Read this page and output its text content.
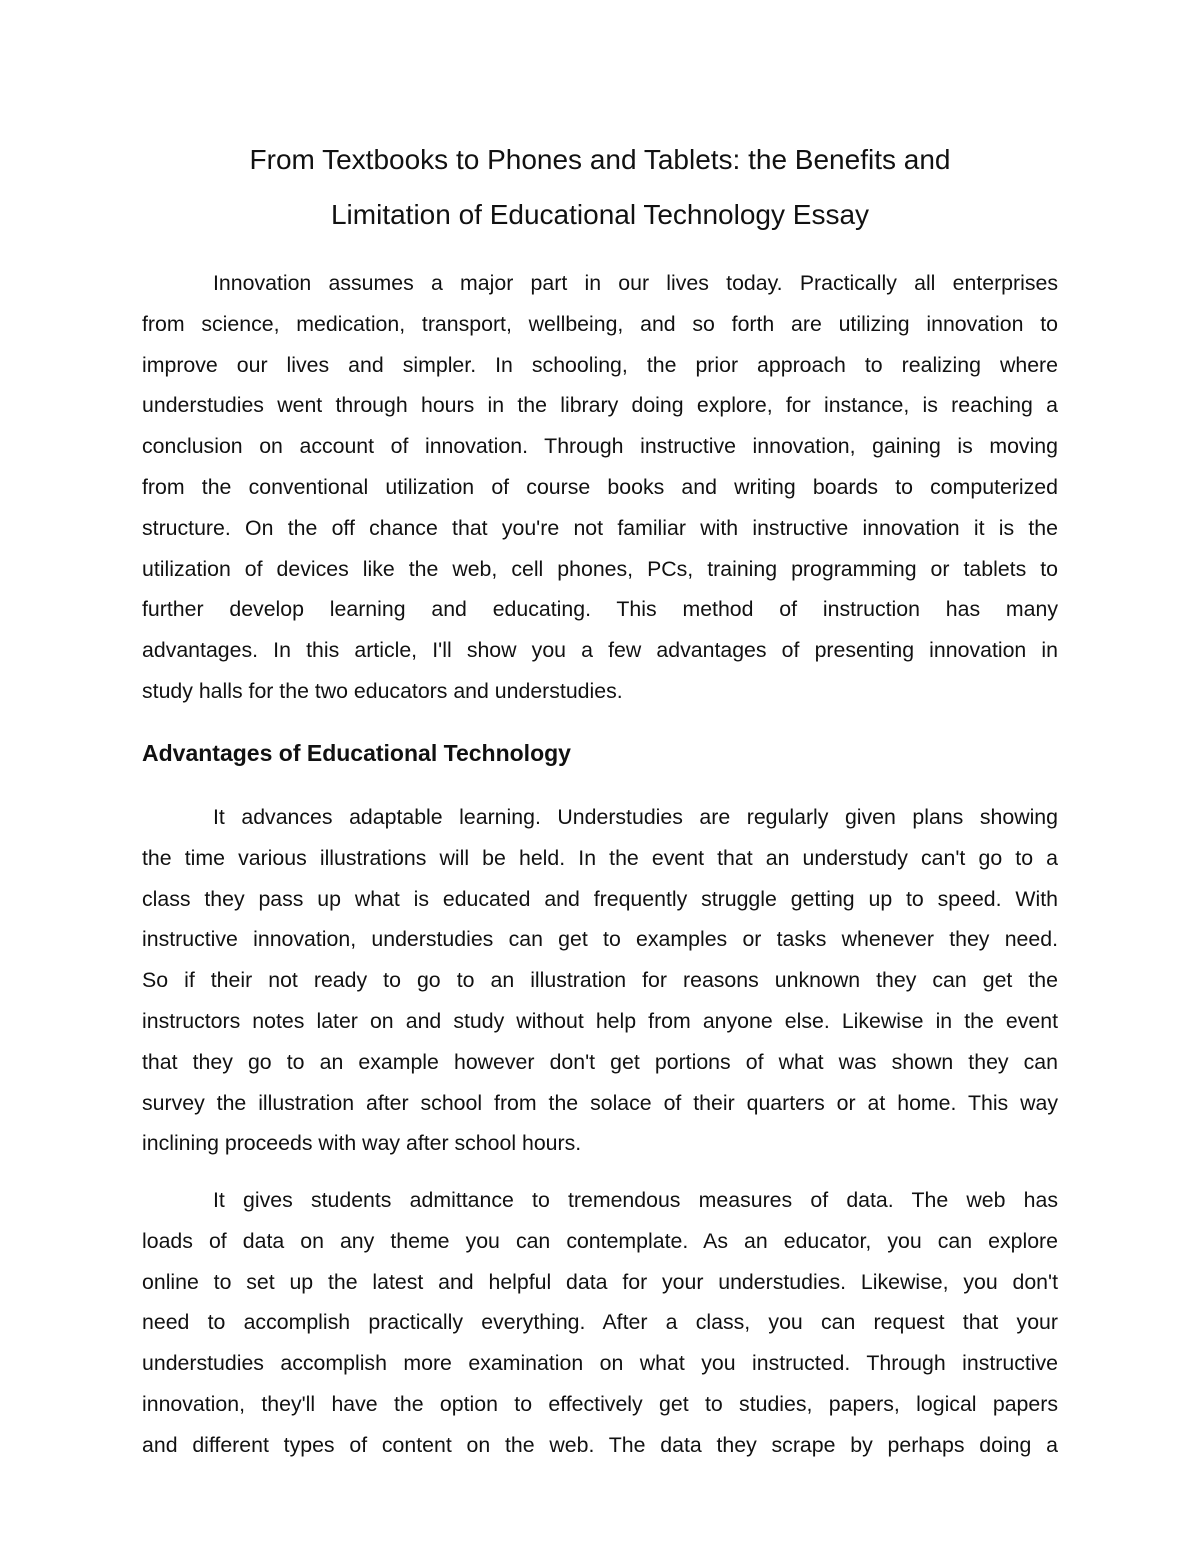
From Textbooks to Phones and Tablets: the Benefits and
Limitation of Educational Technology Essay
Innovation assumes a major part in our lives today. Practically all enterprises
from science, medication, transport, wellbeing, and so forth are utilizing innovation to
improve our lives and simpler. In schooling, the prior approach to realizing where
understudies went through hours in the library doing explore, for instance, is reaching a
conclusion on account of innovation. Through instructive innovation, gaining is moving
from the conventional utilization of course books and writing boards to computerized
structure. On the off chance that you're not familiar with instructive innovation it is the
utilization of devices like the web, cell phones, PCs, training programming or tablets to
further develop learning and educating. This method of instruction has many
advantages. In this article, I'll show you a few advantages of presenting innovation in
study halls for the two educators and understudies.
Advantages of Educational Technology
It advances adaptable learning. Understudies are regularly given plans showing
the time various illustrations will be held. In the event that an understudy can't go to a
class they pass up what is educated and frequently struggle getting up to speed. With
instructive innovation, understudies can get to examples or tasks whenever they need.
So if their not ready to go to an illustration for reasons unknown they can get the
instructors notes later on and study without help from anyone else. Likewise in the event
that they go to an example however don't get portions of what was shown they can
survey the illustration after school from the solace of their quarters or at home. This way
inclining proceeds with way after school hours.
It gives students admittance to tremendous measures of data. The web has
loads of data on any theme you can contemplate. As an educator, you can explore
online to set up the latest and helpful data for your understudies. Likewise, you don't
need to accomplish practically everything. After a class, you can request that your
understudies accomplish more examination on what you instructed. Through instructive
innovation, they'll have the option to effectively get to studies, papers, logical papers
and different types of content on the web. The data they scrape by perhaps doing a
